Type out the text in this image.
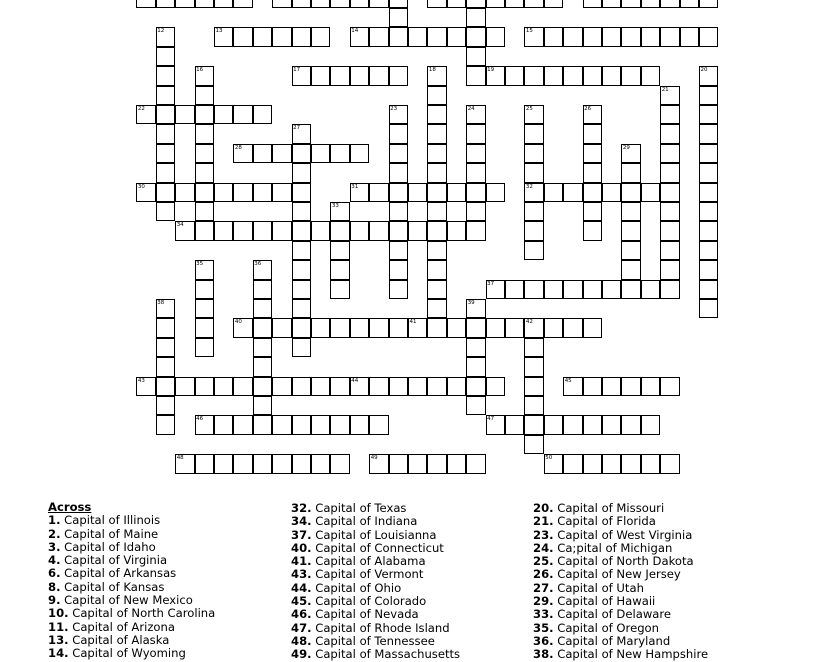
12	13	14	15
16	17	18	19	20
21
22	23	24	25	26
27
28	29
30	31	32
33
34
35	36
37
38	39
40	41	42
43	44	45
46	47
48	49	50
Across
1. Capital of Illinois
2. Capital of Maine
3. Capital of Idaho
4. Capital of Virginia
6. Capital of Arkansas
8. Capital of Kansas
9. Capital of New Mexico
10. Capital of North Carolina
11. Capital of Arizona
13. Capital of Alaska
14. Capital of Wyoming
32. Capital of Texas
34. Capital of Indiana
37. Capital of Louisianna
40. Capital of Connecticut
41. Capital of Alabama
43. Capital of Vermont
44. Capital of Ohio
45. Capital of Colorado
46. Capital of Nevada
47. Capital of Rhode Island
48. Capital of Tennessee
49. Capital of Massachusetts
20. Capital of Missouri
21. Capital of Florida
23. Capital of West Virginia
24. Ca;pital of Michigan
25. Capital of North Dakota
26. Capital of New Jersey
27. Capital of Utah
29. Capital of Hawaii
33. Capital of Delaware
35. Capital of Oregon
36. Capital of Maryland
38. Capital of New Hampshire
